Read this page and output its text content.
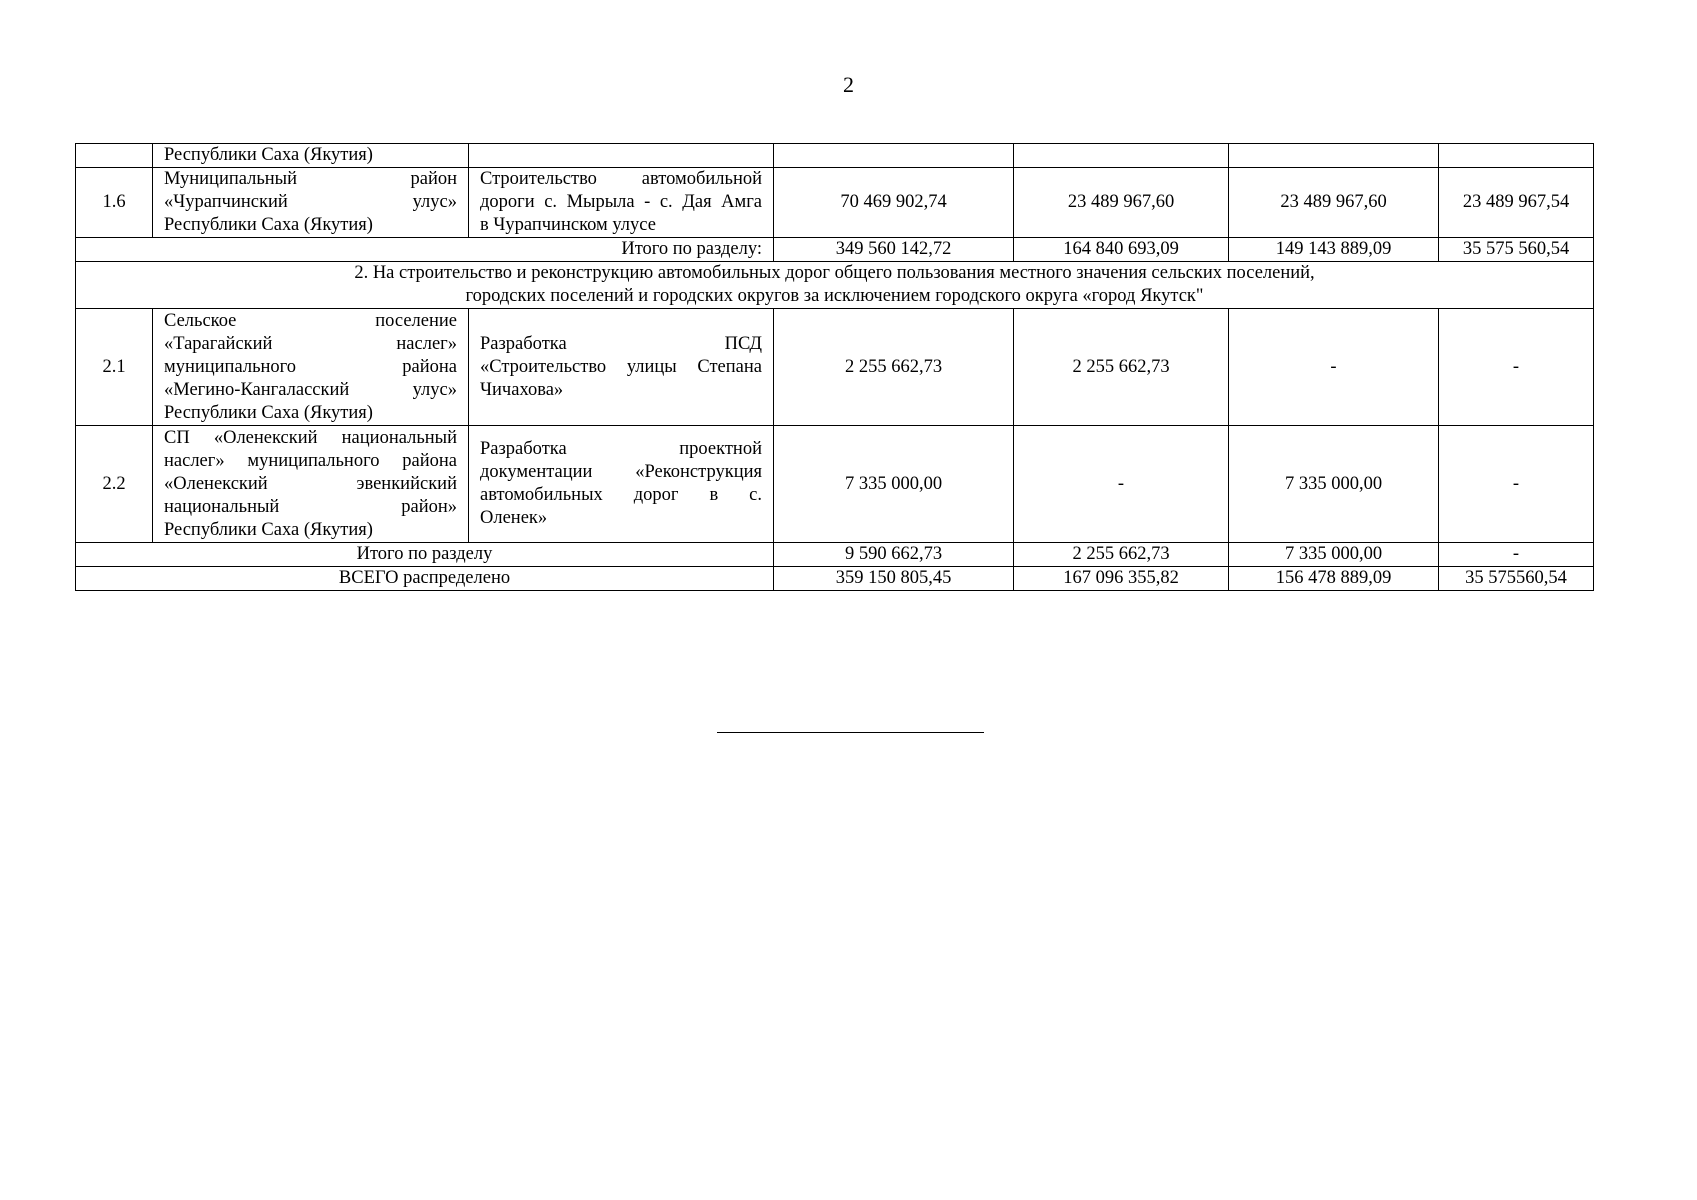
2
	Республики Саха (Якутия)					
1.6	Муниципальный район
«Чурапчинский улус»
Республики Саха (Якутия)	Строительство автомобильной
дороги с. Мырыла - с. Дая Амга
в Чурапчинском улусе	70 469 902,74	23 489 967,60	23 489 967,60	23 489 967,54
Итого по разделу:			349 560 142,72	164 840 693,09	149 143 889,09	35 575 560,54

2. На строительство и реконструкцию автомобильных дорог общего пользования местного значения сельских поселений,
городских поселений и городских округов за исключением городского округа «город Якутск"						

2.1	Сельское поселение
«Тарагайский наслег»
муниципального района
«Мегино-Кангаласский улус»
Республики Саха (Якутия)	Разработка ПСД
«Строительство улицы Степана
Чичахова»	2 255 662,73	2 255 662,73	-	-
2.2	СП «Оленекский национальный
наслег» муниципального района
«Оленекский эвенкийский
национальный район»
Республики Саха (Якутия)	Разработка проектной
документации «Реконструкция
автомобильных дорог в с.
Оленек»	7 335 000,00	-	7 335 000,00	-
Итого по разделу			9 590 662,73	2 255 662,73	7 335 000,00	-
ВСЕГО распределено			359 150 805,45	167 096 355,82	156 478 889,09	35 575560,54
